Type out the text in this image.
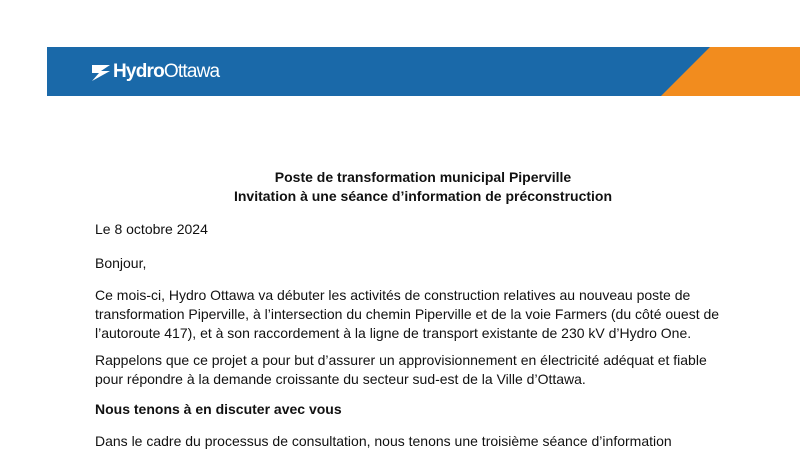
HydroOttawa
Poste de transformation municipal Piperville
Invitation à une séance d’information de préconstruction

Le 8 octobre 2024

Bonjour,

Ce mois-ci, Hydro Ottawa va débuter les activités de construction relatives au nouveau poste de transformation Piperville, à l’intersection du chemin Piperville et de la voie Farmers (du côté ouest de l’autoroute 417), et à son raccordement à la ligne de transport existante de 230 kV d’Hydro One.

Rappelons que ce projet a pour but d’assurer un approvisionnement en électricité adéquat et fiable pour répondre à la demande croissante du secteur sud-est de la Ville d’Ottawa.

Nous tenons à en discuter avec vous

Dans le cadre du processus de consultation, nous tenons une troisième séance d’information
